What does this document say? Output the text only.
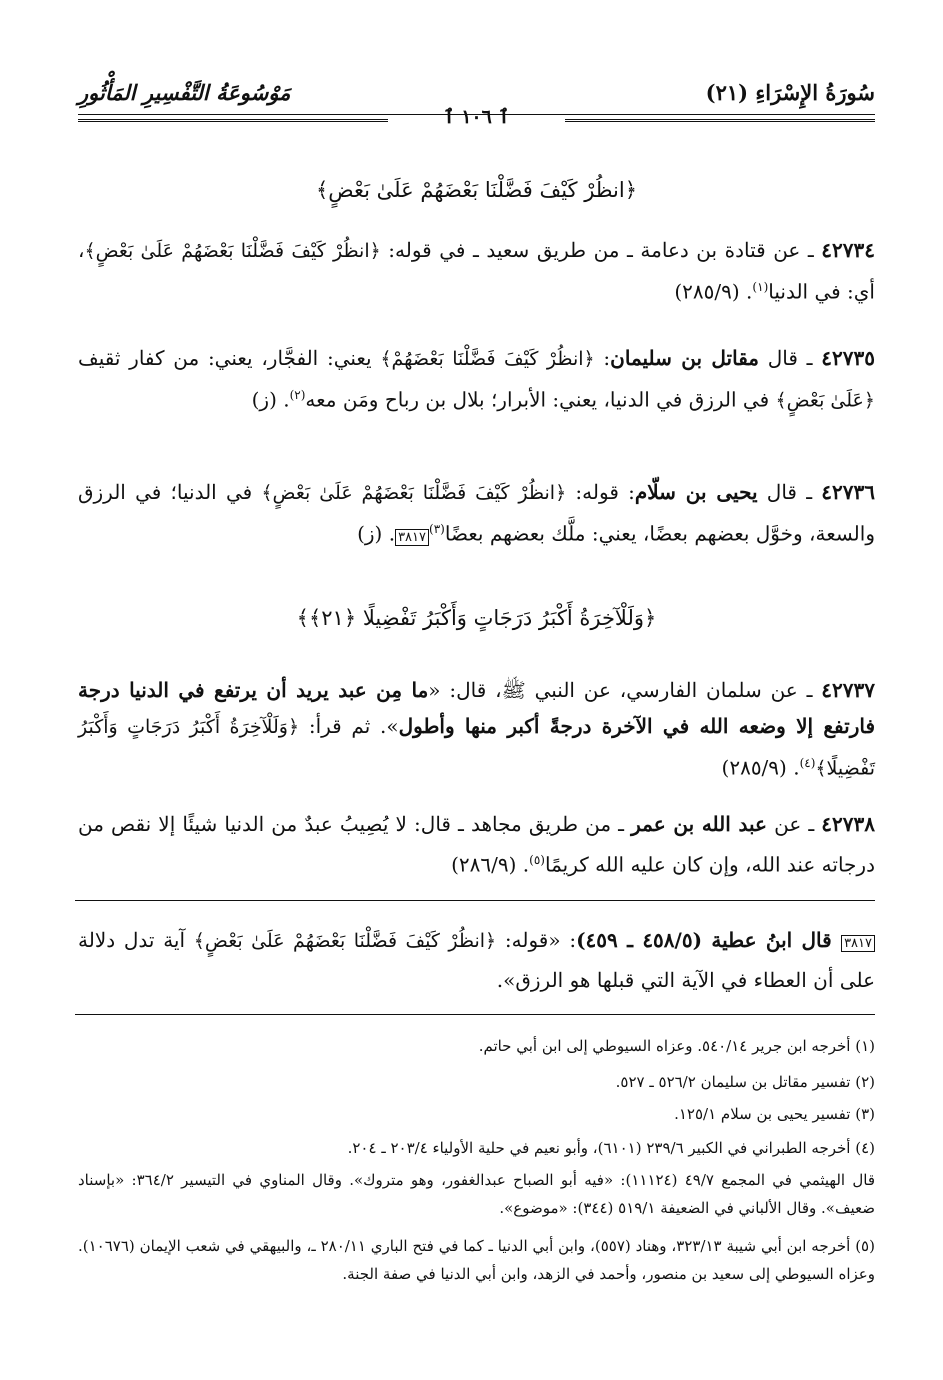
سُورَةُ الإِسْرَاءِ (٢١)
مَوْسُوعَةُ التَّفْسِيرِ المَأْثُورِ
ٱ ١٠٦ ٱ
﴿انظُرْ كَيْفَ فَضَّلْنَا بَعْضَهُمْ عَلَىٰ بَعْضٍ﴾

٤٢٧٣٤ ـ عن قتادة بن دعامة ـ من طريق سعيد ـ في قوله: ﴿انظُرْ كَيْفَ فَضَّلْنَا بَعْضَهُمْ عَلَىٰ بَعْضٍ﴾، أي: في الدنيا$^{(١)}$. (٢٨٥/٩)

٤٢٧٣٥ ـ قال مقاتل بن سليمان: ﴿انظُرْ كَيْفَ فَضَّلْنَا بَعْضَهُمْ﴾ يعني: الفجَّار، يعني: من كفار ثقيف ﴿عَلَىٰ بَعْضٍ﴾ في الرزق في الدنيا، يعني: الأبرار؛ بلال بن رباح ومَن معه$^{(٢)}$. (ز)

٤٢٧٣٦ ـ قال يحيى بن سلّام: قوله: ﴿انظُرْ كَيْفَ فَضَّلْنَا بَعْضَهُمْ عَلَىٰ بَعْضٍ﴾ في الدنيا؛ في الرزق والسعة، وخوَّل بعضهم بعضًا، يعني: ملَّك بعضهم بعضًا$^{(٣)}$٣٨١٧. (ز)

﴿وَلَلْآخِرَةُ أَكْبَرُ دَرَجَاتٍ وَأَكْبَرُ تَفْضِيلًا ﴿٢١﴾﴾

٤٢٧٣٧ ـ عن سلمان الفارسي، عن النبي ﷺ، قال: «ما مِن عبد يريد أن يرتفع في الدنيا درجة فارتفع إلا وضعه الله في الآخرة درجةً أكبر منها وأطول». ثم قرأ: ﴿وَلَلْآخِرَةُ أَكْبَرُ دَرَجَاتٍ وَأَكْبَرُ تَفْضِيلًا﴾$^{(٤)}$. (٢٨٥/٩)

٤٢٧٣٨ ـ عن عبد الله بن عمر ـ من طريق مجاهد ـ قال: لا يُصِيبُ عبدٌ من الدنيا شيئًا إلا نقص من درجاته عند الله، وإن كان عليه الله كريمًا$^{(٥)}$. (٢٨٦/٩)

٣٨١٧ قال ابنُ عطية (٤٥٨/٥ ـ ٤٥٩): «قوله: ﴿انظُرْ كَيْفَ فَضَّلْنَا بَعْضَهُمْ عَلَىٰ بَعْضٍ﴾ آية تدل دلالة على أن العطاء في الآية التي قبلها هو الرزق».

(١) أخرجه ابن جرير ٥٤٠/١٤. وعزاه السيوطي إلى ابن أبي حاتم.
(٢) تفسير مقاتل بن سليمان ٥٢٦/٢ ـ ٥٢٧.
(٣) تفسير يحيى بن سلام ١٢٥/١.
(٤) أخرجه الطبراني في الكبير ٢٣٩/٦ (٦١٠١)، وأبو نعيم في حلية الأولياء ٢٠٣/٤ ـ ٢٠٤.
قال الهيثمي في المجمع ٤٩/٧ (١١١٢٤): «فيه أبو الصباح عبدالغفور، وهو متروك». وقال المناوي في التيسير ٣٦٤/٢: «بإسناد ضعيف». وقال الألباني في الضعيفة ٥١٩/١ (٣٤٤): «موضوع».
(٥) أخرجه ابن أبي شيبة ٣٢٣/١٣، وهناد (٥٥٧)، وابن أبي الدنيا ـ كما في فتح الباري ٢٨٠/١١ ـ، والبيهقي في شعب الإيمان (١٠٦٧٦). وعزاه السيوطي إلى سعيد بن منصور، وأحمد في الزهد، وابن أبي الدنيا في صفة الجنة.
